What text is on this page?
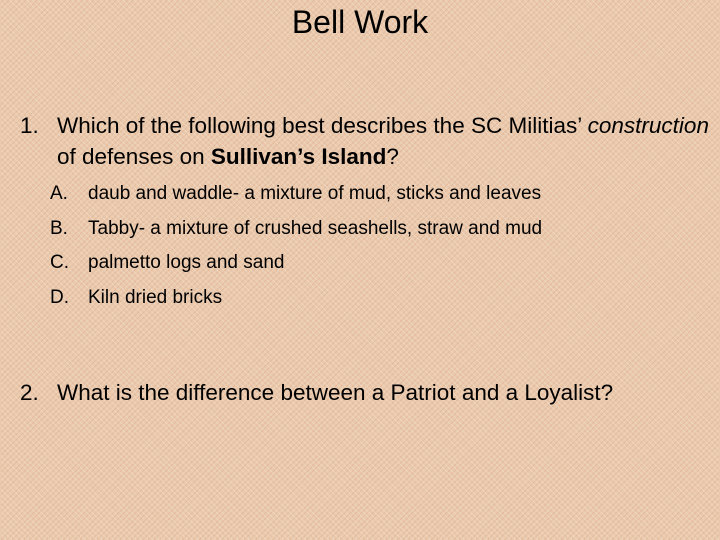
Bell Work
1. Which of the following best describes the SC Militias’ construction of defenses on Sullivan’s Island?
A.	daub and waddle- a mixture of mud, sticks and leaves
B.	Tabby- a mixture of crushed seashells, straw and mud
C.	palmetto logs and sand
D.	Kiln dried bricks
2. What is the difference between a Patriot and a Loyalist?
